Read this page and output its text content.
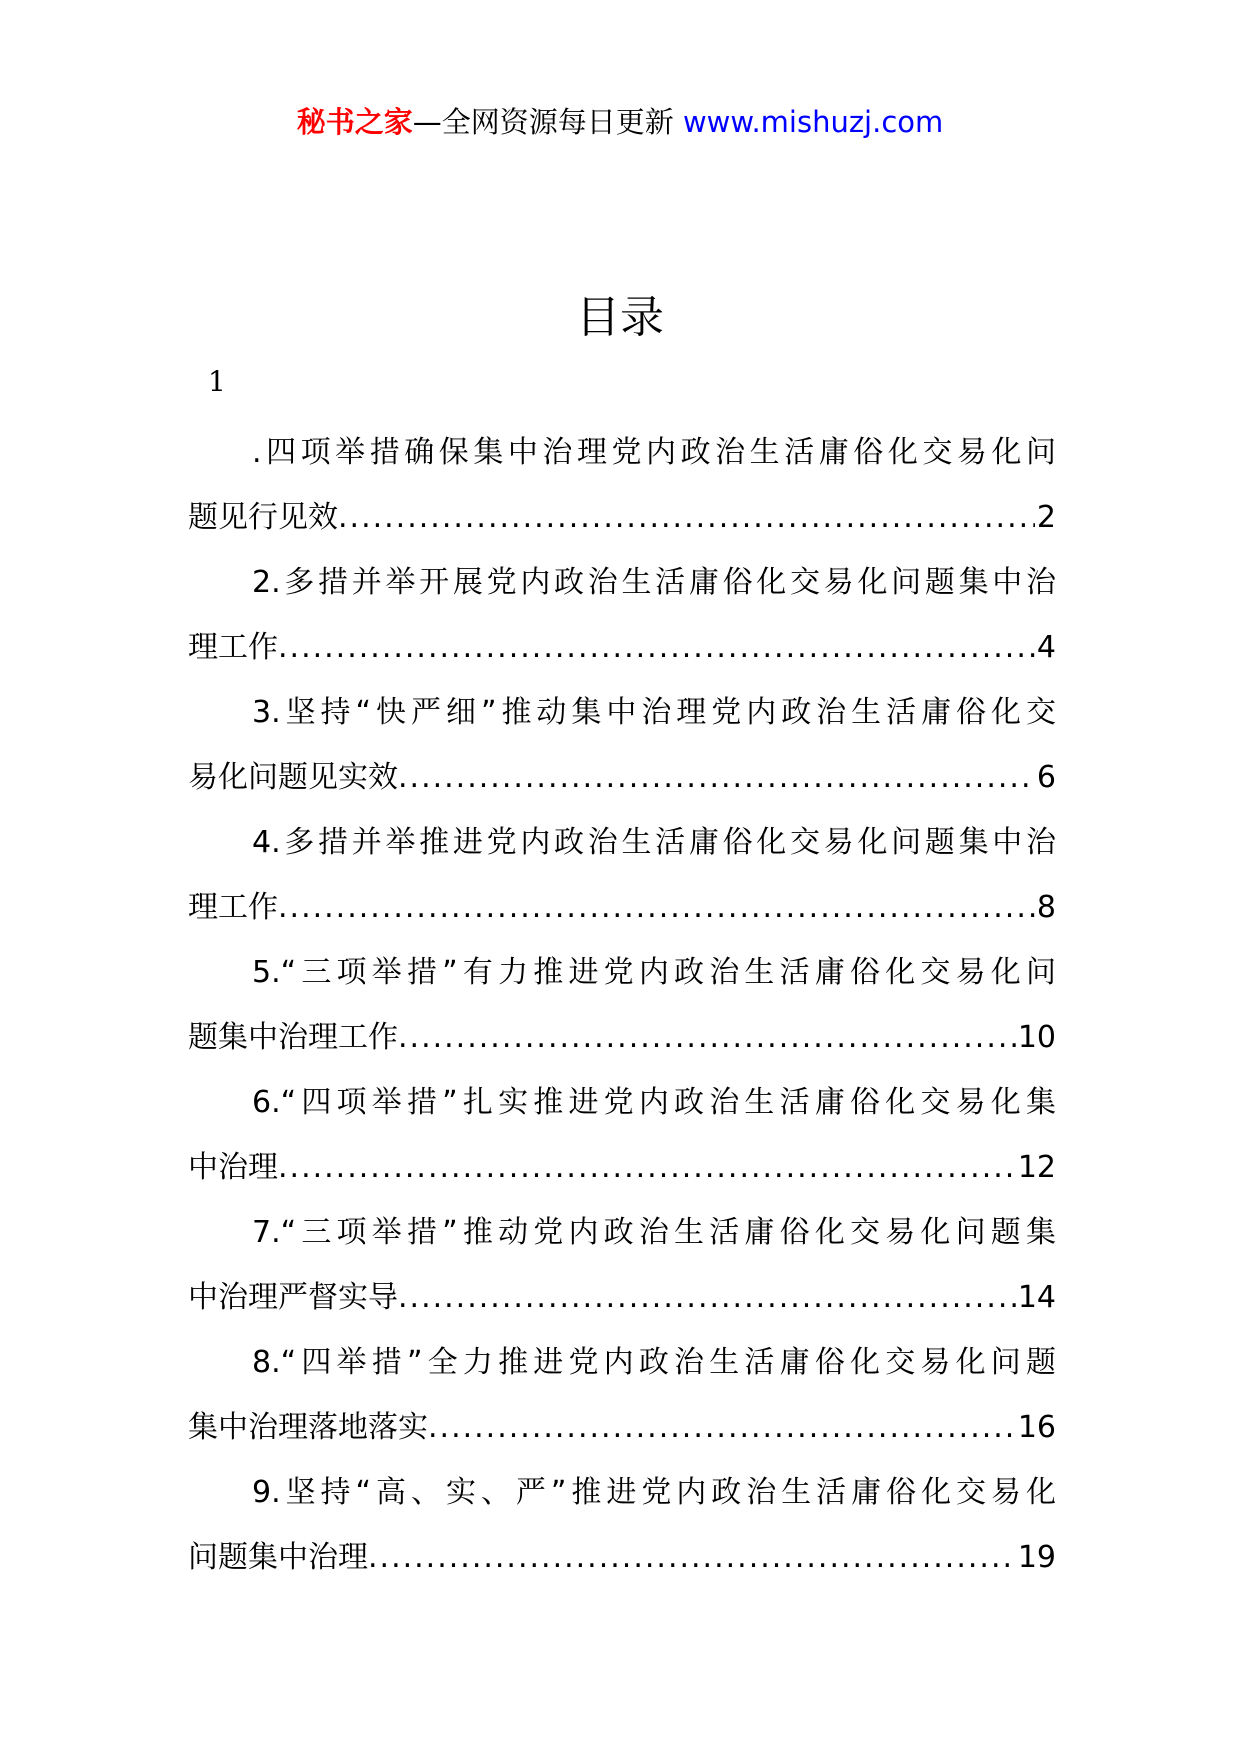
秘书之家—全网资源每日更新 www.mishuzj.com
目录
1
.四项举措确保集中治理党内政治生活庸俗化交易化问
题见行见效 .....	2
2.多措并举开展党内政治生活庸俗化交易化问题集中治
理工作 .....	4
3.坚持“快严细”推动集中治理党内政治生活庸俗化交
易化问题见实效 .....	6
4.多措并举推进党内政治生活庸俗化交易化问题集中治
理工作 .....	8
5.“三项举措”有力推进党内政治生活庸俗化交易化问
题集中治理工作 .....	10
6.“四项举措”扎实推进党内政治生活庸俗化交易化集
中治理 .....	12
7.“三项举措”推动党内政治生活庸俗化交易化问题集
中治理严督实导 .....	14
8.“四举措”全力推进党内政治生活庸俗化交易化问题
集中治理落地落实 .....	16
9.坚持“高、实、严”推进党内政治生活庸俗化交易化
问题集中治理 .....	19
